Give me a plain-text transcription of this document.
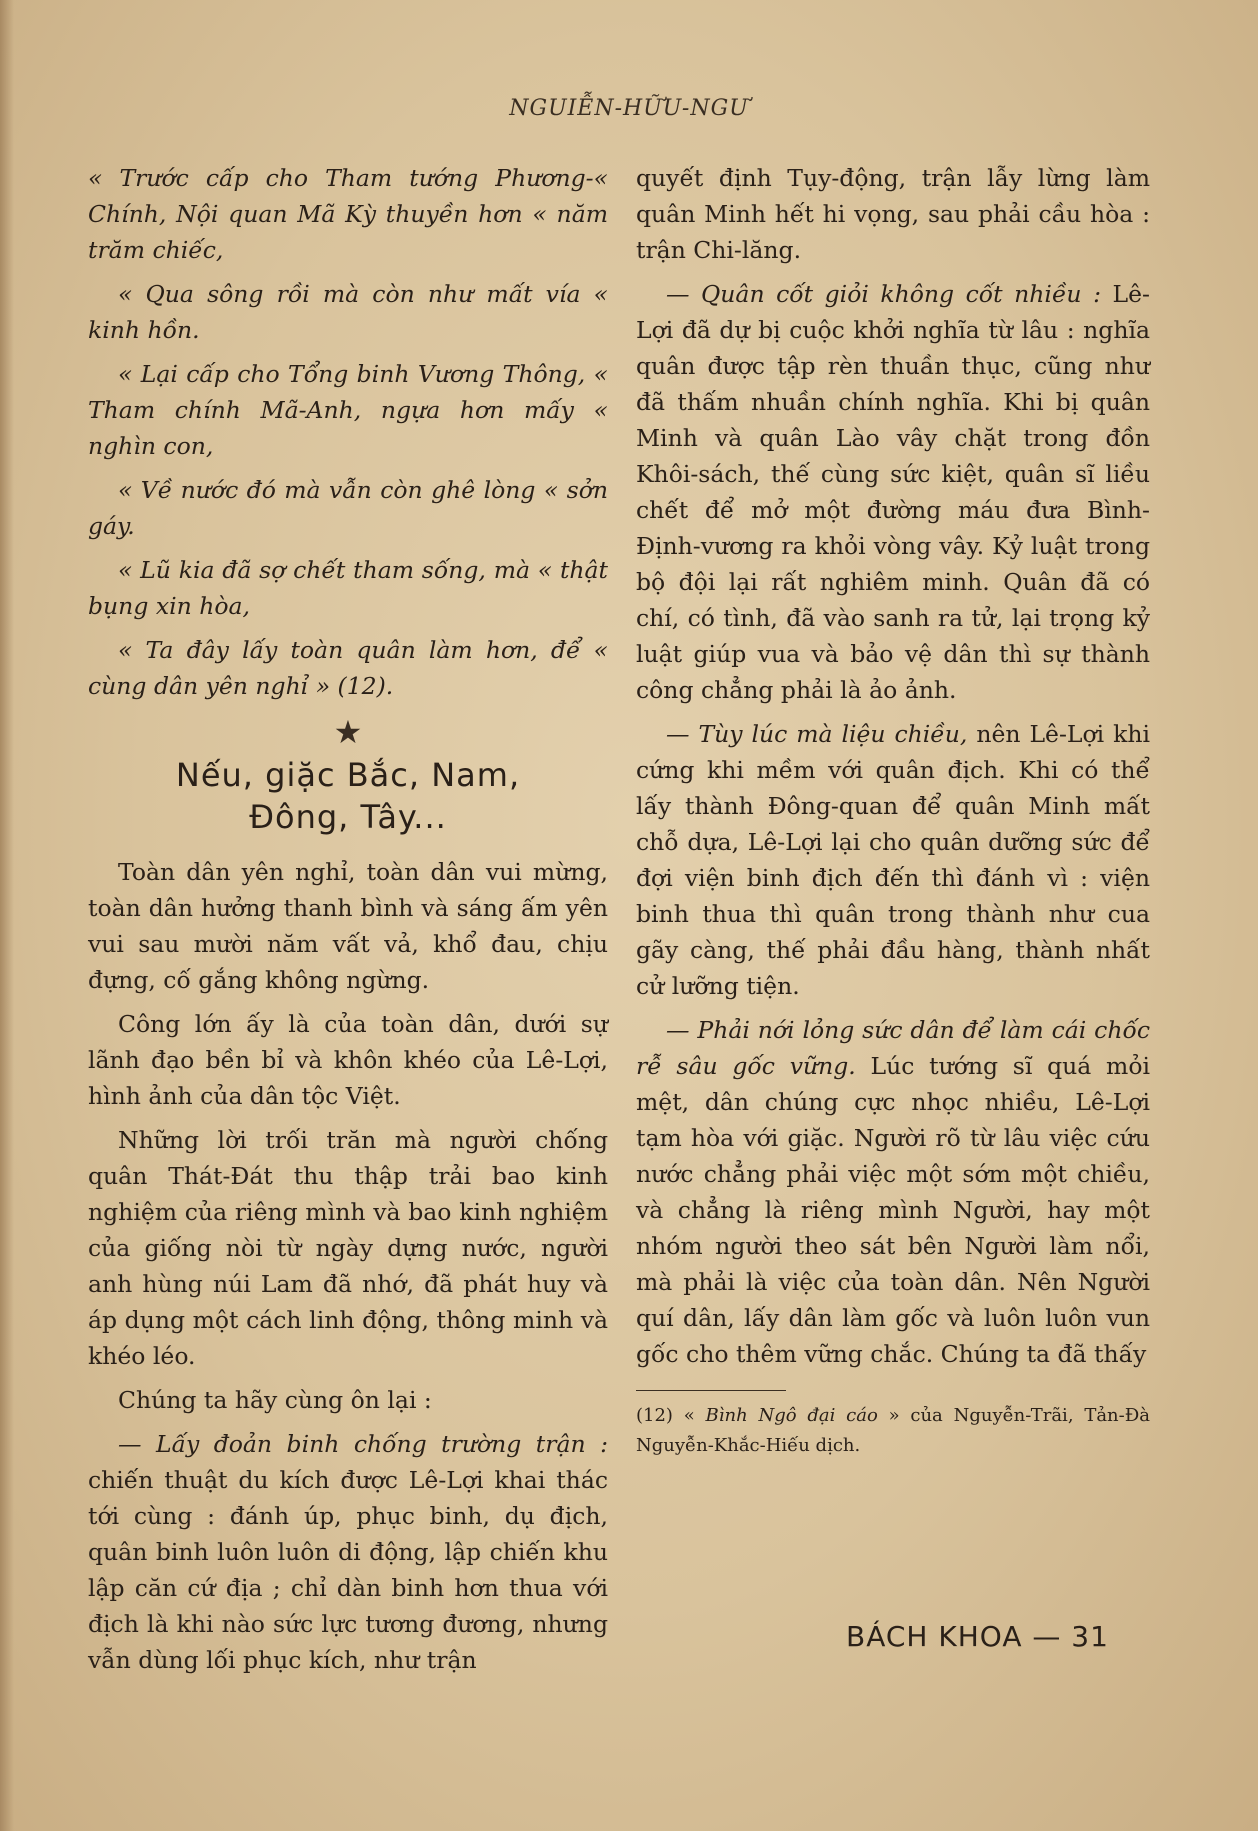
NGUIỄN-HỮU-NGƯ

« Trước cấp cho Tham tướng Phương-« Chính, Nội quan Mã Kỳ thuyền hơn « năm trăm chiếc,

« Qua sông rồi mà còn như mất vía « kinh hồn.

« Lại cấp cho Tổng binh Vương Thông, « Tham chính Mã-Anh, ngựa hơn mấy « nghìn con,

« Về nước đó mà vẫn còn ghê lòng « sởn gáy.

« Lũ kia đã sợ chết tham sống, mà « thật bụng xin hòa,

« Ta đây lấy toàn quân làm hơn, để « cùng dân yên nghỉ » (12).

★
Nếu, giặc Bắc, Nam,
Đông, Tây...

Toàn dân yên nghỉ, toàn dân vui mừng, toàn dân hưởng thanh bình và sáng ấm yên vui sau mười năm vất vả, khổ đau, chịu đựng, cố gắng không ngừng.

Công lớn ấy là của toàn dân, dưới sự lãnh đạo bền bỉ và khôn khéo của Lê-Lợi, hình ảnh của dân tộc Việt.

Những lời trối trăn mà người chống quân Thát-Đát thu thập trải bao kinh nghiệm của riêng mình và bao kinh nghiệm của giống nòi từ ngày dựng nước, người anh hùng núi Lam đã nhớ, đã phát huy và áp dụng một cách linh động, thông minh và khéo léo.

Chúng ta hãy cùng ôn lại :

— Lấy đoản binh chống trường trận : chiến thuật du kích được Lê-Lợi khai thác tới cùng : đánh úp, phục binh, dụ địch, quân binh luôn luôn di động, lập chiến khu lập căn cứ địa ; chỉ dàn binh hơn thua với địch là khi nào sức lực tương đương, nhưng vẫn dùng lối phục kích, như trận

quyết định Tụy-động, trận lẫy lừng làm quân Minh hết hi vọng, sau phải cầu hòa : trận Chi-lăng.

— Quân cốt giỏi không cốt nhiều : Lê-Lợi đã dự bị cuộc khởi nghĩa từ lâu : nghĩa quân được tập rèn thuần thục, cũng như đã thấm nhuần chính nghĩa. Khi bị quân Minh và quân Lào vây chặt trong đồn Khôi-sách, thế cùng sức kiệt, quân sĩ liều chết để mở một đường máu đưa Bình-Định-vương ra khỏi vòng vây. Kỷ luật trong bộ đội lại rất nghiêm minh. Quân đã có chí, có tình, đã vào sanh ra tử, lại trọng kỷ luật giúp vua và bảo vệ dân thì sự thành công chẳng phải là ảo ảnh.

— Tùy lúc mà liệu chiều, nên Lê-Lợi khi cứng khi mềm với quân địch. Khi có thể lấy thành Đông-quan để quân Minh mất chỗ dựa, Lê-Lợi lại cho quân dưỡng sức để đợi viện binh địch đến thì đánh vì : viện binh thua thì quân trong thành như cua gãy càng, thế phải đầu hàng, thành nhất cử lưỡng tiện.

— Phải nới lỏng sức dân để làm cái chốc rễ sâu gốc vững. Lúc tướng sĩ quá mỏi mệt, dân chúng cực nhọc nhiều, Lê-Lợi tạm hòa với giặc. Người rõ từ lâu việc cứu nước chẳng phải việc một sớm một chiều, và chẳng là riêng mình Người, hay một nhóm người theo sát bên Người làm nổi, mà phải là việc của toàn dân. Nên Người quí dân, lấy dân làm gốc và luôn luôn vun gốc cho thêm vững chắc. Chúng ta đã thấy

(12) « Bình Ngô đại cáo » của Nguyễn-Trãi, Tản-Đà Nguyễn-Khắc-Hiếu dịch.

BÁCH KHOA — 31
